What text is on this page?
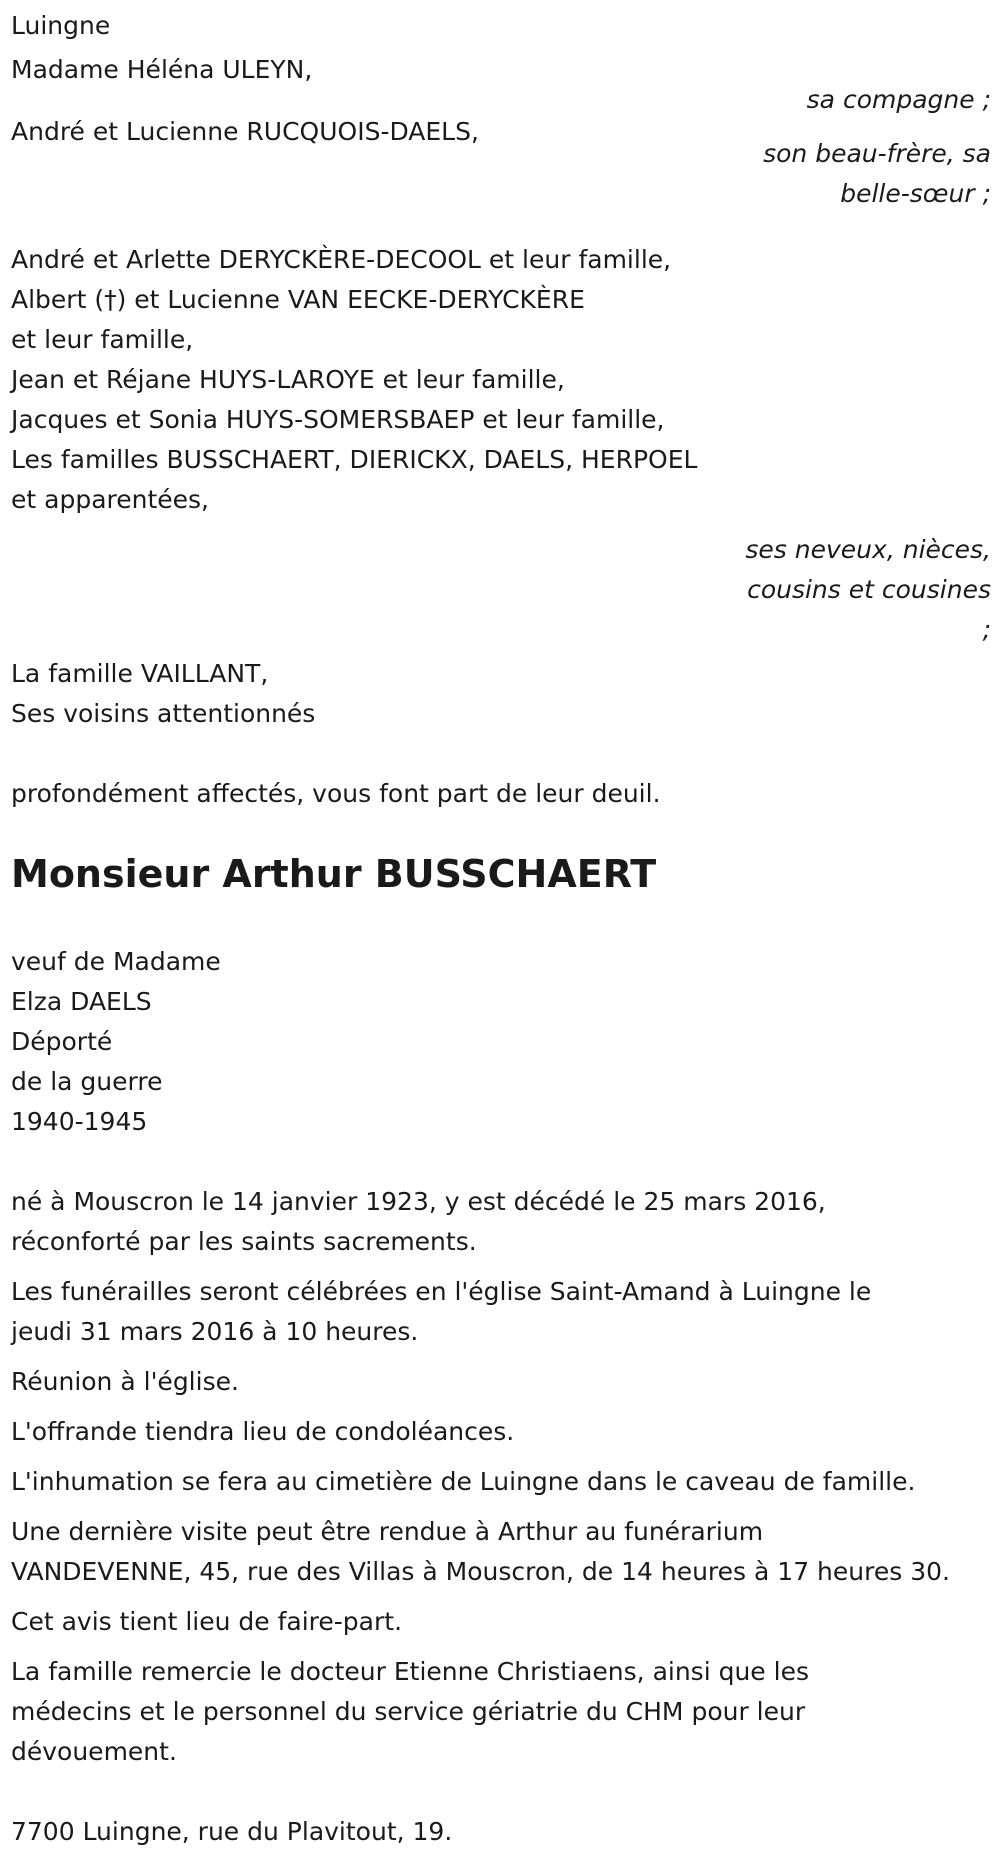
Luingne
Madame Héléna ULEYN,
sa compagne ;
André et Lucienne RUCQUOIS-DAELS,
son beau-frère, sa
belle-sœur ;
André et Arlette DERYCKÈRE-DECOOL et leur famille,
Albert (†) et Lucienne VAN EECKE-DERYCKÈRE
et leur famille,
Jean et Réjane HUYS-LAROYE et leur famille,
Jacques et Sonia HUYS-SOMERSBAEP et leur famille,
Les familles BUSSCHAERT, DIERICKX, DAELS, HERPOEL
et apparentées,
ses neveux, nièces,
cousins et cousines
;
La famille VAILLANT,
Ses voisins attentionnés
profondément affectés, vous font part de leur deuil.
Monsieur Arthur BUSSCHAERT
veuf de Madame
Elza DAELS
Déporté
de la guerre
1940-1945
né à Mouscron le 14 janvier 1923, y est décédé le 25 mars 2016,
réconforté par les saints sacrements.
Les funérailles seront célébrées en l'église Saint-Amand à Luingne le
jeudi 31 mars 2016 à 10 heures.
Réunion à l'église.
L'offrande tiendra lieu de condoléances.
L'inhumation se fera au cimetière de Luingne dans le caveau de famille.
Une dernière visite peut être rendue à Arthur au funérarium
VANDEVENNE, 45, rue des Villas à Mouscron, de 14 heures à 17 heures 30.
Cet avis tient lieu de faire-part.
La famille remercie le docteur Etienne Christiaens, ainsi que les
médecins et le personnel du service gériatrie du CHM pour leur
dévouement.
7700 Luingne, rue du Plavitout, 19.
